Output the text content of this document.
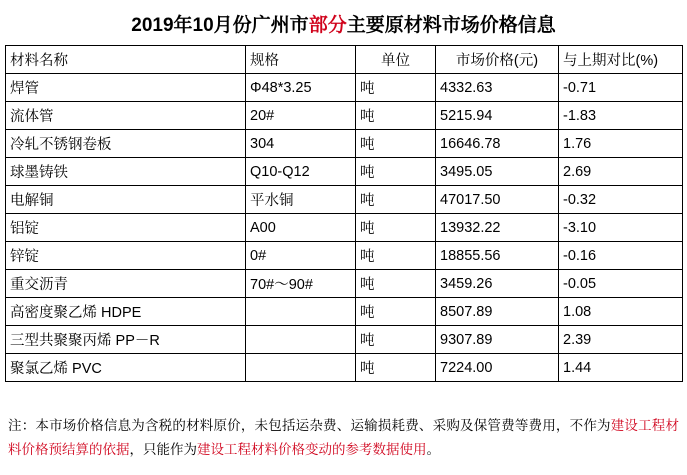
2019年10月份广州市部分主要原材料市场价格信息
材料名称	规格	单位	市场价格(元)	与上期对比(%)
焊管	Φ48*3.25	吨	4332.63	-0.71
流体管	20#	吨	5215.94	-1.83
冷轧不锈钢卷板	304	吨	16646.78	1.76
球墨铸铁	Q10-Q12	吨	3495.05	2.69
电解铜	平水铜	吨	47017.50	-0.32
铝锭	A00	吨	13932.22	-3.10
锌锭	0#	吨	18855.56	-0.16
重交沥青	70#～90#	吨	3459.26	-0.05
高密度聚乙烯 HDPE		吨	8507.89	1.08
三型共聚聚丙烯 PP－R		吨	9307.89	2.39
聚氯乙烯 PVC		吨	7224.00	1.44
注：本市场价格信息为含税的材料原价，未包括运杂费、运输损耗费、采购及保管费等费用，不作为建设工程材料价格预结算的依据，只能作为建设工程材料价格变动的参考数据使用。
